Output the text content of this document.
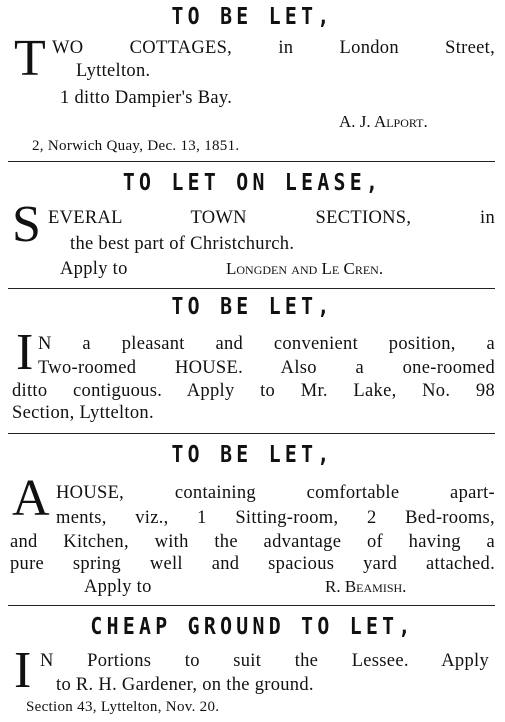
TO BE LET,
T WO COTTAGES, in London Street,
Lyttelton.
1 ditto Dampier's Bay.
A. J. Alport.
2, Norwich Quay, Dec. 13, 1851.
TO LET ON LEASE,
S EVERAL TOWN SECTIONS, in
the best part of Christchurch.
Apply to	Longden and Le Cren.
TO BE LET,
I N a pleasant and convenient position, a
Two-roomed HOUSE. Also a one-roomed
ditto contiguous. Apply to Mr. Lake, No. 98
Section, Lyttelton.
TO BE LET,
A HOUSE, containing comfortable apart-
ments, viz., 1 Sitting-room, 2 Bed-rooms,
and Kitchen, with the advantage of having a
pure spring well and spacious yard attached.
Apply to	R. Beamish.
CHEAP GROUND TO LET,
I N Portions to suit the Lessee. Apply
to R. H. Gardener, on the ground.
Section 43, Lyttelton, Nov. 20.
